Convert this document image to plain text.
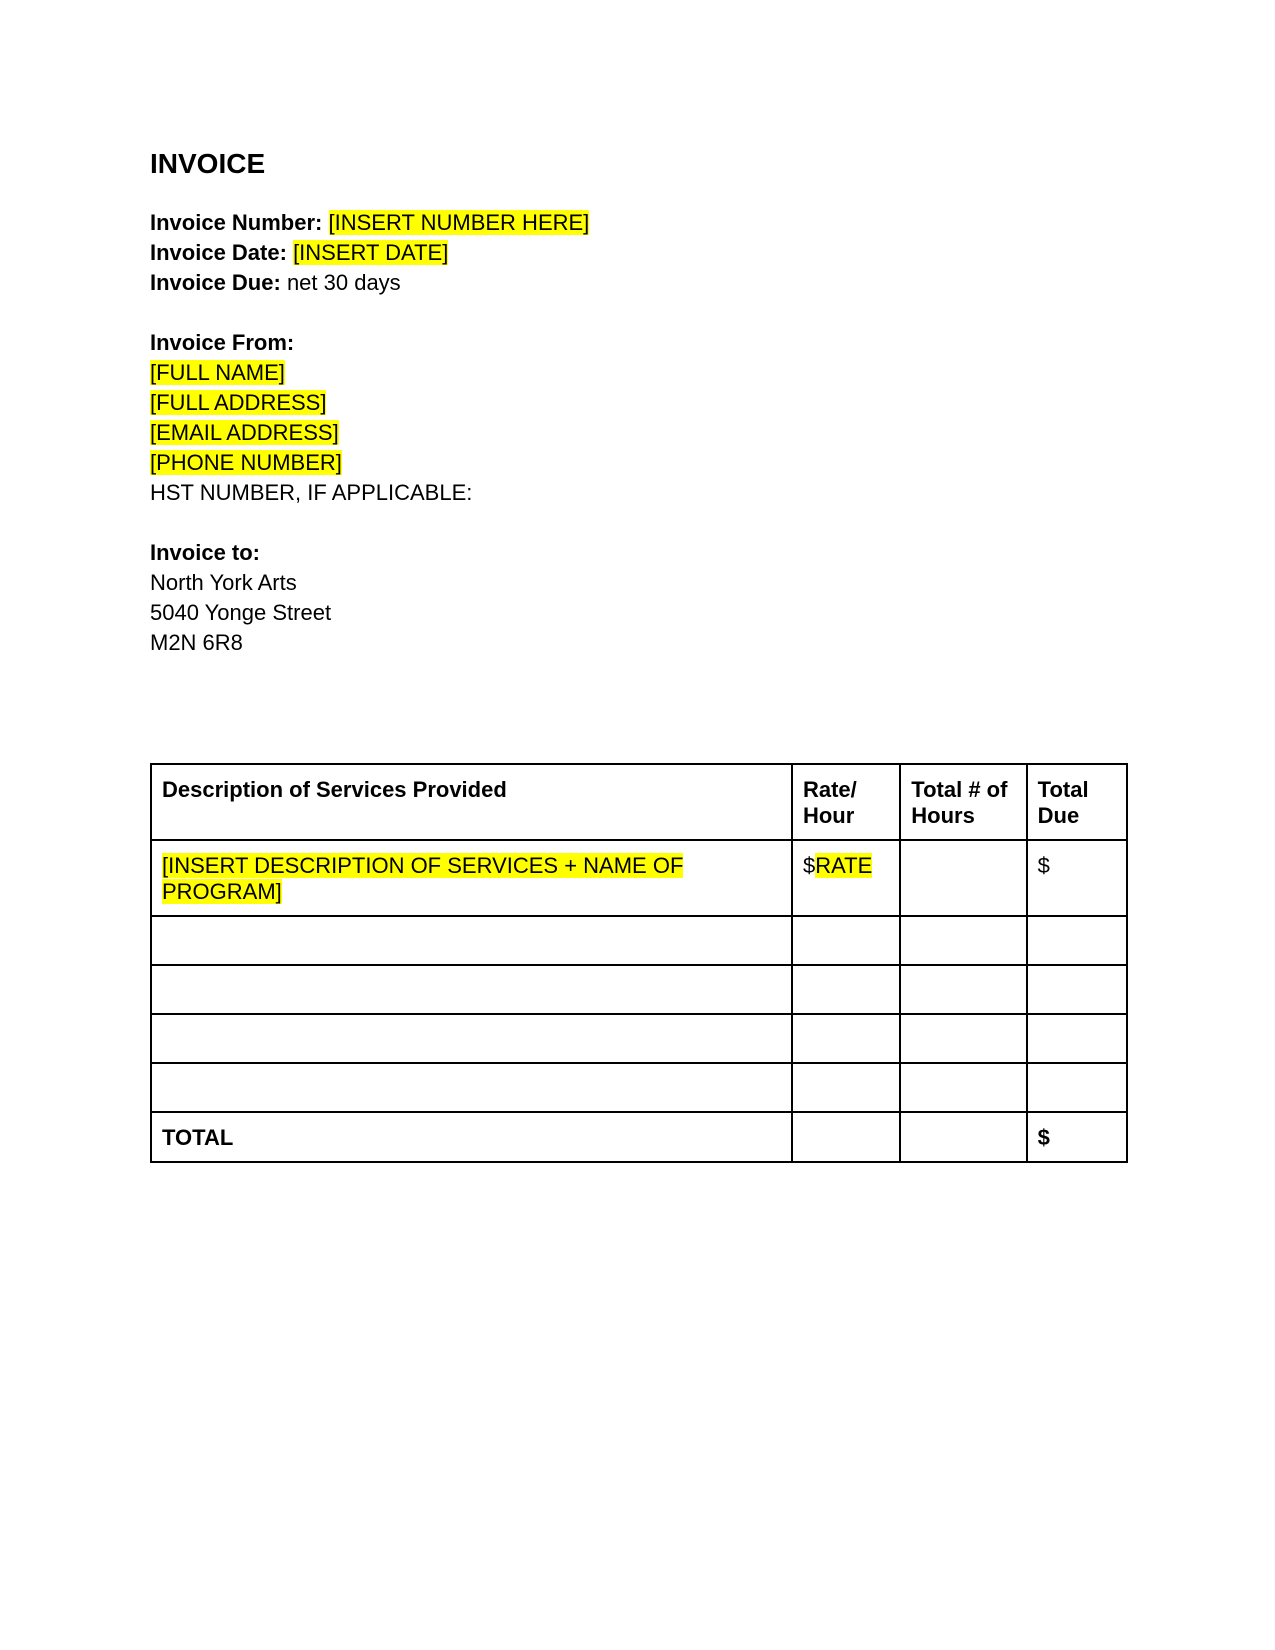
INVOICE
Invoice Number: [INSERT NUMBER HERE]
Invoice Date: [INSERT DATE]
Invoice Due: net 30 days
Invoice From:
[FULL NAME]
[FULL ADDRESS]
[EMAIL ADDRESS]
[PHONE NUMBER]
HST NUMBER, IF APPLICABLE:
Invoice to:
North York Arts
5040 Yonge Street
M2N 6R8
Description of Services Provided	Rate/ Hour	Total # of Hours	Total Due
[INSERT DESCRIPTION OF SERVICES + NAME OF PROGRAM]	$RATE		$

TOTAL			$
